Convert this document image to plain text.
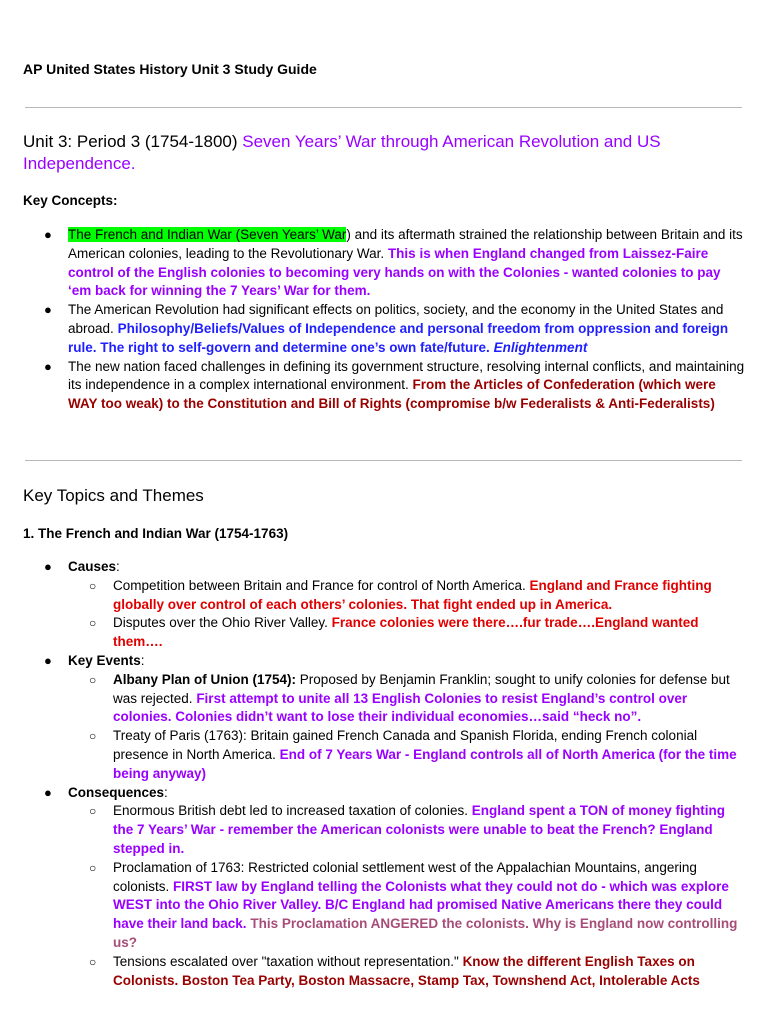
AP United States History Unit 3 Study Guide
Unit 3: Period 3 (1754-1800) Seven Years’ War through American Revolution and US Independence.

Key Concepts:

● The French and Indian War (Seven Years’ War) and its aftermath strained the relationship between Britain and its American colonies, leading to the Revolutionary War. This is when England changed from Laissez-Faire control of the English colonies to becoming very hands on with the Colonies - wanted colonies to pay ‘em back for winning the 7 Years’ War for them.
● The American Revolution had significant effects on politics, society, and the economy in the United States and abroad. Philosophy/Beliefs/Values of Independence and personal freedom from oppression and foreign rule. The right to self-govern and determine one’s own fate/future. Enlightenment
● The new nation faced challenges in defining its government structure, resolving internal conflicts, and maintaining its independence in a complex international environment. From the Articles of Confederation (which were WAY too weak) to the Constitution and Bill of Rights (compromise b/w Federalists & Anti-Federalists)
Key Topics and Themes

1. The French and Indian War (1754-1763)

● Causes:
○ Competition between Britain and France for control of North America. England and France fighting globally over control of each others’ colonies. That fight ended up in America.
○ Disputes over the Ohio River Valley. France colonies were there….fur trade….England wanted them….
● Key Events:
○ Albany Plan of Union (1754): Proposed by Benjamin Franklin; sought to unify colonies for defense but was rejected. First attempt to unite all 13 English Colonies to resist England’s control over colonies. Colonies didn’t want to lose their individual economies…said “heck no”.
○ Treaty of Paris (1763): Britain gained French Canada and Spanish Florida, ending French colonial presence in North America. End of 7 Years War - England controls all of North America (for the time being anyway)
● Consequences:
○ Enormous British debt led to increased taxation of colonies. England spent a TON of money fighting the 7 Years’ War - remember the American colonists were unable to beat the French? England stepped in.
○ Proclamation of 1763: Restricted colonial settlement west of the Appalachian Mountains, angering colonists. FIRST law by England telling the Colonists what they could not do - which was explore WEST into the Ohio River Valley. B/C England had promised Native Americans there they could have their land back. This Proclamation ANGERED the colonists. Why is England now controlling us?
○ Tensions escalated over "taxation without representation." Know the different English Taxes on Colonists. Boston Tea Party, Boston Massacre, Stamp Tax, Townshend Act, Intolerable Acts
